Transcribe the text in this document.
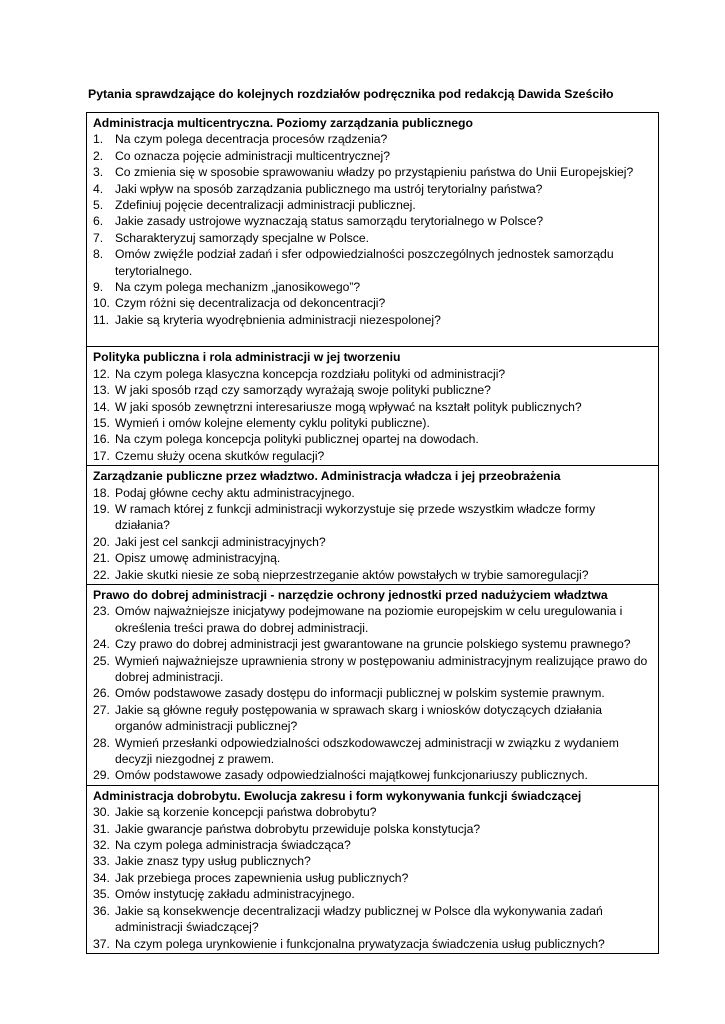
Pytania sprawdzające do kolejnych rozdziałów podręcznika pod redakcją Dawida Sześciło
Administracja multicentryczna. Poziomy zarządzania publicznego
1. Na czym polega decentracja procesów rządzenia?
2. Co oznacza pojęcie administracji multicentrycznej?
3. Co zmienia się w sposobie sprawowaniu władzy po przystąpieniu państwa do Unii Europejskiej?
4. Jaki wpływ na sposób zarządzania publicznego ma ustrój terytorialny państwa?
5. Zdefiniuj pojęcie decentralizacji administracji publicznej.
6. Jakie zasady ustrojowe wyznaczają status samorządu terytorialnego w Polsce?
7. Scharakteryzuj samorządy specjalne w Polsce.
8. Omów zwięźle podział zadań i sfer odpowiedzialności poszczególnych jednostek samorządu terytorialnego.
9. Na czym polega mechanizm „janosikowego”?
10. Czym różni się decentralizacja od dekoncentracji?
11. Jakie są kryteria wyodrębnienia administracji niezespolonej?
Polityka publiczna i rola administracji w jej tworzeniu
12. Na czym polega klasyczna koncepcja rozdziału polityki od administracji?
13. W jaki sposób rząd czy samorządy wyrażają swoje polityki publiczne?
14. W jaki sposób zewnętrzni interesariusze mogą wpływać na kształt polityk publicznych?
15. Wymień i omów kolejne elementy cyklu polityki publiczne).
16. Na czym polega koncepcja polityki publicznej opartej na dowodach.
17. Czemu służy ocena skutków regulacji?
Zarządzanie publiczne przez władztwo. Administracja władcza i jej przeobrażenia
18. Podaj główne cechy aktu administracyjnego.
19. W ramach której z funkcji administracji wykorzystuje się przede wszystkim władcze formy działania?
20. Jaki jest cel sankcji administracyjnych?
21. Opisz umowę administracyjną.
22. Jakie skutki niesie ze sobą nieprzestrzeganie aktów powstałych w trybie samoregulacji?
Prawo do dobrej administracji - narzędzie ochrony jednostki przed nadużyciem władztwa
23. Omów najważniejsze inicjatywy podejmowane na poziomie europejskim w celu uregulowania i określenia treści prawa do dobrej administracji.
24. Czy prawo do dobrej administracji jest gwarantowane na gruncie polskiego systemu prawnego?
25. Wymień najważniejsze uprawnienia strony w postępowaniu administracyjnym realizujące prawo do dobrej administracji.
26. Omów podstawowe zasady dostępu do informacji publicznej w polskim systemie prawnym.
27. Jakie są główne reguły postępowania w sprawach skarg i wniosków dotyczących działania organów administracji publicznej?
28. Wymień przesłanki odpowiedzialności odszkodowawczej administracji w związku z wydaniem decyzji niezgodnej z prawem.
29. Omów podstawowe zasady odpowiedzialności majątkowej funkcjonariuszy publicznych.
Administracja dobrobytu. Ewolucja zakresu i form wykonywania funkcji świadczącej
30. Jakie są korzenie koncepcji państwa dobrobytu?
31. Jakie gwarancje państwa dobrobytu przewiduje polska konstytucja?
32. Na czym polega administracja świadcząca?
33. Jakie znasz typy usług publicznych?
34. Jak przebiega proces zapewnienia usług publicznych?
35. Omów instytucję zakładu administracyjnego.
36. Jakie są konsekwencje decentralizacji władzy publicznej w Polsce dla wykonywania zadań administracji świadczącej?
37. Na czym polega urynkowienie i funkcjonalna prywatyzacja świadczenia usług publicznych?
